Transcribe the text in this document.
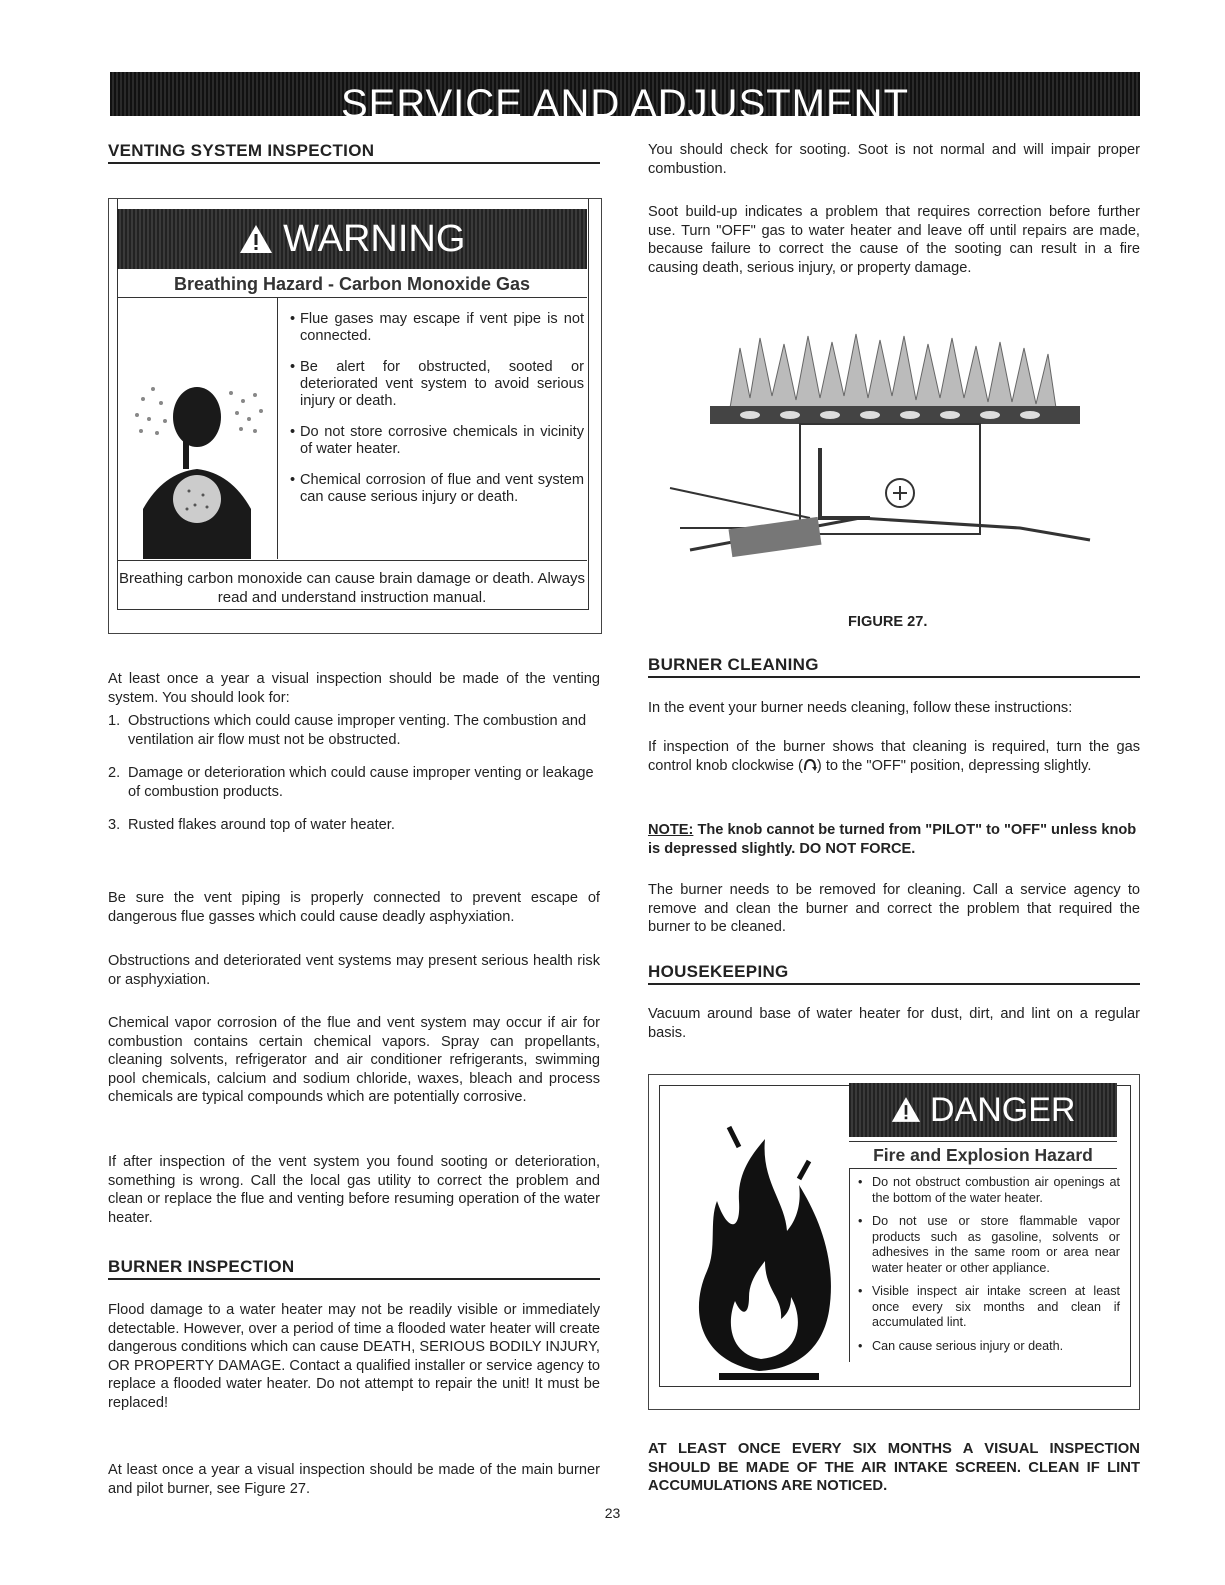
SERVICE AND ADJUSTMENT
VENTING SYSTEM INSPECTION
WARNING
Breathing Hazard - Carbon Monoxide Gas
• Flue gases may escape if vent pipe is not connected.
• Be alert for obstructed, sooted or deteriorated vent system to avoid serious injury or death.
• Do not store corrosive chemicals in vicinity of water heater.
• Chemical corrosion of flue and vent system can cause serious injury or death.
Breathing carbon monoxide can cause brain damage or death. Always read and understand instruction manual.
At least once a year a visual inspection should be made of the venting system. You should look for:
1. Obstructions which could cause improper venting. The combustion and ventilation air flow must not be obstructed.
2. Damage or deterioration which could cause improper venting or leakage of combustion products.
3. Rusted flakes around top of water heater.
Be sure the vent piping is properly connected to prevent escape of dangerous flue gasses which could cause deadly asphyxiation.
Obstructions and deteriorated vent systems may present serious health risk or asphyxiation.
Chemical vapor corrosion of the flue and vent system may occur if air for combustion contains certain chemical vapors. Spray can propellants, cleaning solvents, refrigerator and air conditioner refrigerants, swimming pool chemicals, calcium and sodium chloride, waxes, bleach and process chemicals are typical compounds which are potentially corrosive.
If after inspection of the vent system you found sooting or deterioration, something is wrong. Call the local gas utility to correct the problem and clean or replace the flue and venting before resuming operation of the water heater.
BURNER INSPECTION
Flood damage to a water heater may not be readily visible or immediately detectable. However, over a period of time a flooded water heater will create dangerous conditions which can cause DEATH, SERIOUS BODILY INJURY, OR PROPERTY DAMAGE. Contact a qualified installer or service agency to replace a flooded water heater. Do not attempt to repair the unit! It must be replaced!
At least once a year a visual inspection should be made of the main burner and pilot burner, see Figure 27.
You should check for sooting. Soot is not normal and will impair proper combustion.
Soot build-up indicates a problem that requires correction before further use. Turn "OFF" gas to water heater and leave off until repairs are made, because failure to correct the cause of the sooting can result in a fire causing death, serious injury, or property damage.
FIGURE 27.
BURNER CLEANING
In the event your burner needs cleaning, follow these instructions:
If inspection of the burner shows that cleaning is required, turn the gas control knob clockwise ( ) to the "OFF" position, depressing slightly.
NOTE: The knob cannot be turned from "PILOT" to "OFF" unless knob is depressed slightly. DO NOT FORCE.
The burner needs to be removed for cleaning. Call a service agency to remove and clean the burner and correct the problem that required the burner to be cleaned.
HOUSEKEEPING
Vacuum around base of water heater for dust, dirt, and lint on a regular basis.
DANGER
Fire and Explosion Hazard
• Do not obstruct combustion air openings at the bottom of the water heater.
• Do not use or store flammable vapor products such as gasoline, solvents or adhesives in the same room or area near water heater or other appliance.
• Visible inspect air intake screen at least once every six months and clean if accumulated lint.
• Can cause serious injury or death.
AT LEAST ONCE EVERY SIX MONTHS A VISUAL INSPECTION SHOULD BE MADE OF THE AIR INTAKE SCREEN. CLEAN IF LINT ACCUMULATIONS ARE NOTICED.
23
